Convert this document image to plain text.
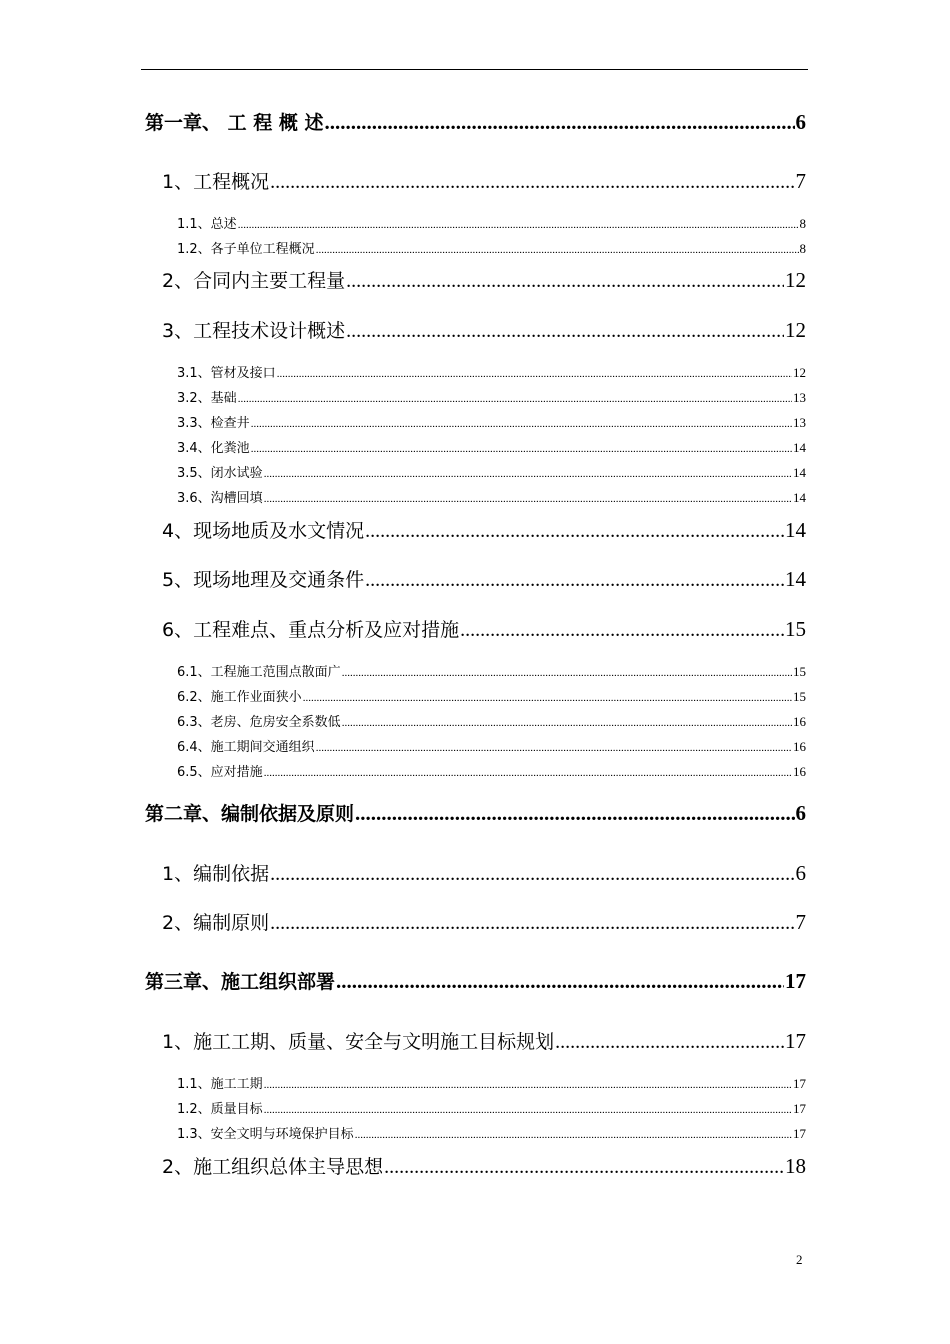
第一章、 工 程 概 述 .....	6
1、工程概况 .....	7
1.1、总述 .....	8
1.2、各子单位工程概况 .....	8
2、合同内主要工程量 .....	12
3、工程技术设计概述 .....	12
3.1、管材及接口 .....	12
3.2、基础 .....	13
3.3、检查井 .....	13
3.4、化粪池 .....	14
3.5、闭水试验 .....	14
3.6、沟槽回填 .....	14
4、现场地质及水文情况 .....	14
5、现场地理及交通条件 .....	14
6、工程难点、重点分析及应对措施 .....	15
6.1、工程施工范围点散面广 .....	15
6.2、施工作业面狭小 .....	15
6.3、老房、危房安全系数低 .....	16
6.4、施工期间交通组织 .....	16
6.5、应对措施 .....	16
第二章、编制依据及原则 .....	6
1、编制依据 .....	6
2、编制原则 .....	7
第三章、施工组织部署 .....	17
1、施工工期、质量、安全与文明施工目标规划 .....	17
1.1、施工工期 .....	17
1.2、质量目标 .....	17
1.3、安全文明与环境保护目标 .....	17
2、施工组织总体主导思想 .....	18
2
